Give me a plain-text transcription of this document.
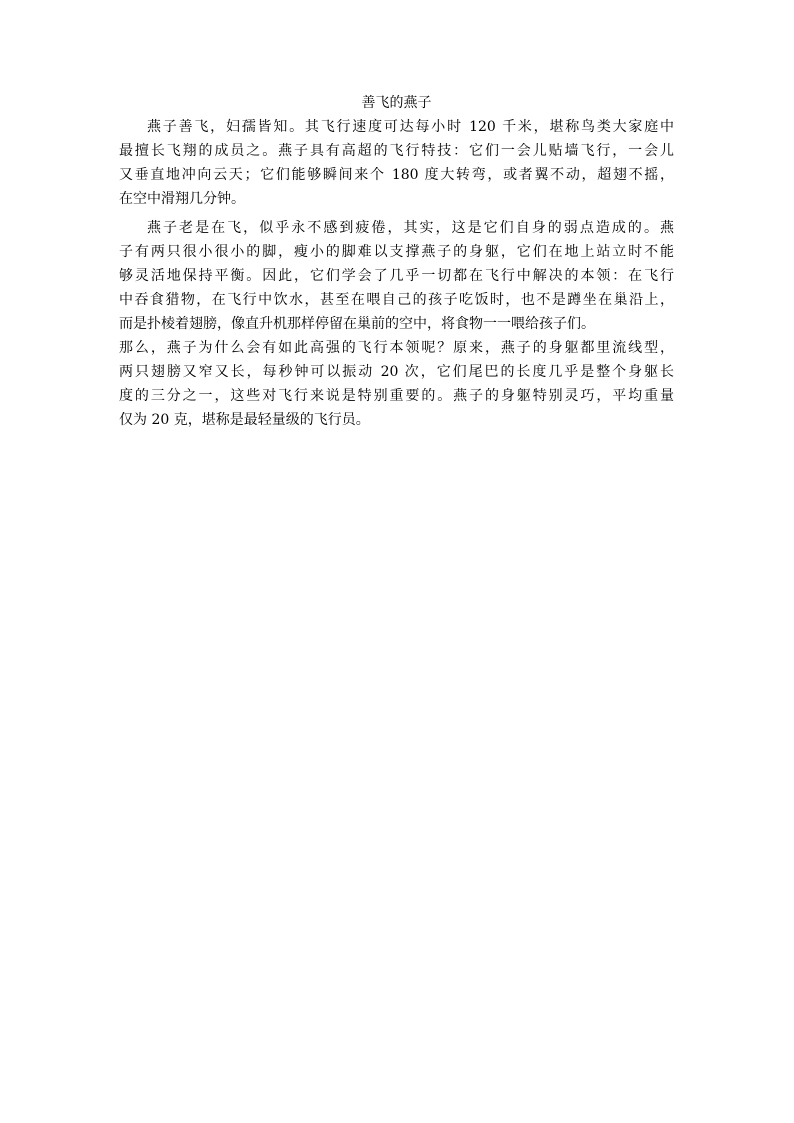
善飞的燕子
燕子善飞，妇孺皆知。其飞行速度可达每小时 120 千米，堪称鸟类大家庭中
最擅长飞翔的成员之。燕子具有高超的飞行特技：它们一会儿贴墙飞行，一会儿
又垂直地冲向云天；它们能够瞬间来个 180 度大转弯，或者翼不动，超翅不摇，
在空中滑翔几分钟。
燕子老是在飞，似乎永不感到疲倦，其实，这是它们自身的弱点造成的。燕
子有两只很小很小的脚，瘦小的脚难以支撑燕子的身躯，它们在地上站立时不能
够灵活地保持平衡。因此，它们学会了几乎一切都在飞行中解决的本领：在飞行
中吞食猎物，在飞行中饮水，甚至在喂自己的孩子吃饭时，也不是蹲坐在巢沿上，
而是扑棱着翅膀，像直升机那样停留在巢前的空中，将食物一一喂给孩子们。
那么，燕子为什么会有如此高强的飞行本领呢？原来，燕子的身躯都里流线型，
两只翅膀又窄又长，每秒钟可以振动 20 次，它们尾巴的长度几乎是整个身躯长
度的三分之一，这些对飞行来说是特别重要的。燕子的身躯特别灵巧，平均重量
仅为 20 克，堪称是最轻量级的飞行员。
